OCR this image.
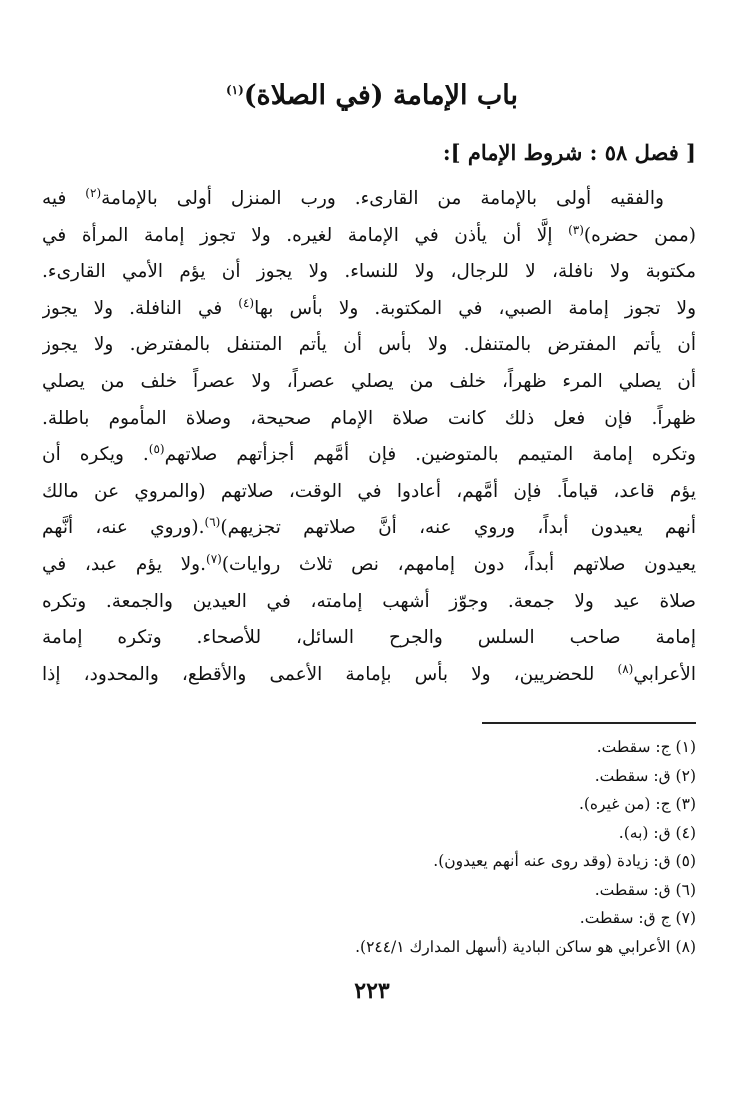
باب الإمامة (في الصلاة)$^{(١)}$
[ فصل ٥٨ : شروط الإمام ]:
والفقيه أولى بالإمامة من القارىء. ورب المنزل أولى بالإمامة$^{(٢)}$ فيه
(ممن حضره)$^{(٣)}$ إلَّا أن يأذن في الإمامة لغيره. ولا تجوز إمامة المرأة في
مكتوبة ولا نافلة، لا للرجال، ولا للنساء. ولا يجوز أن يؤم الأمي القارىء.
ولا تجوز إمامة الصبي، في المكتوبة. ولا بأس بها$^{(٤)}$ في النافلة. ولا يجوز
أن يأتم المفترض بالمتنفل. ولا بأس أن يأتم المتنفل بالمفترض. ولا يجوز
أن يصلي المرء ظهراً، خلف من يصلي عصراً، ولا عصراً خلف من يصلي
ظهراً. فإن فعل ذلك كانت صلاة الإمام صحيحة، وصلاة المأموم باطلة.
وتكره إمامة المتيمم بالمتوضين. فإن أمَّهم أجزأتهم صلاتهم$^{(٥)}$. ويكره أن
يؤم قاعد، قياماً. فإن أمَّهم، أعادوا في الوقت، صلاتهم (والمروي عن مالك
أنهم يعيدون أبداً، وروي عنه، أنَّ صلاتهم تجزيهم)$^{(٦)}$.(وروي عنه، أنَّهم
يعيدون صلاتهم أبداً، دون إمامهم، نص ثلاث روايات)$^{(٧)}$.ولا يؤم عبد، في
صلاة عيد ولا جمعة. وجوّز أشهب إمامته، في العيدين والجمعة. وتكره
إمامة صاحب السلس والجرح السائل، للأصحاء. وتكره إمامة
الأعرابي$^{(٨)}$ للحضريين، ولا بأس بإمامة الأعمى والأقطع، والمحدود، إذا
(١) ج: سقطت.
(٢) ق: سقطت.
(٣) ج: (من غيره).
(٤) ق: (به).
(٥) ق: زيادة (وقد روى عنه أنهم يعيدون).
(٦) ق: سقطت.
(٧) ج ق: سقطت.
(٨) الأعرابي هو ساكن البادية (أسهل المدارك ٢٤٤/١).
٢٢٣
